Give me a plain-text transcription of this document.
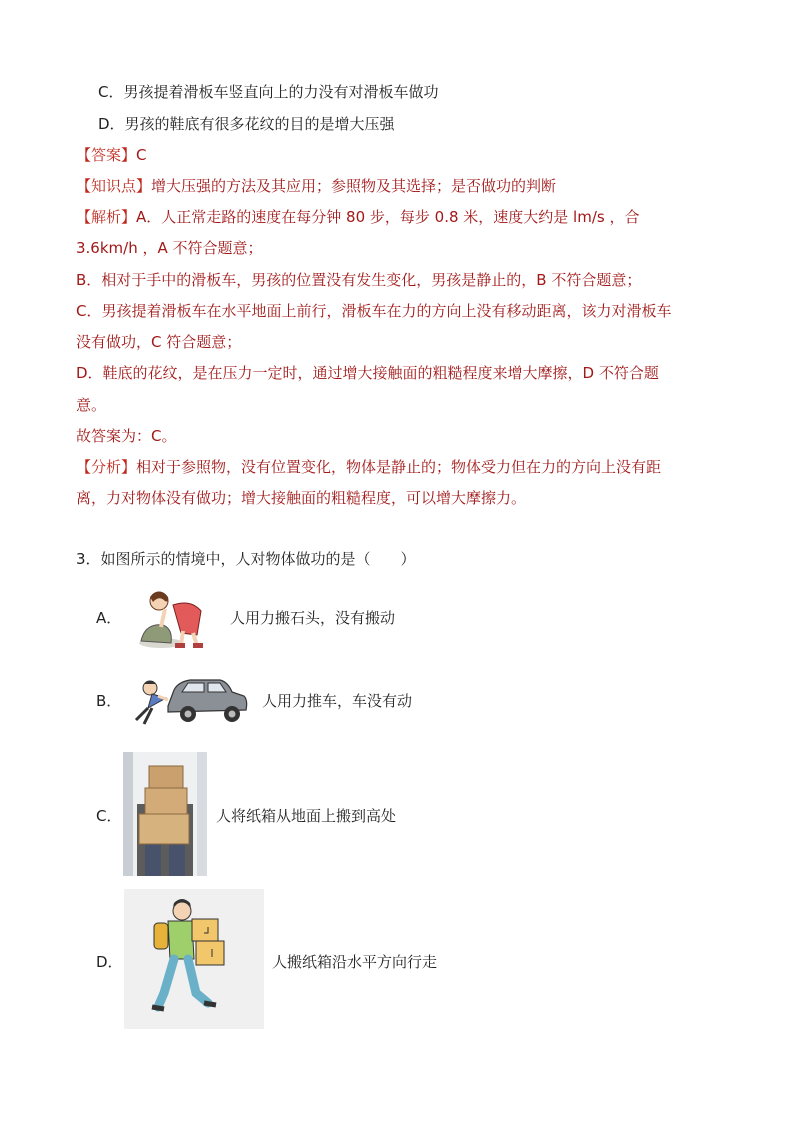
C．男孩提着滑板车竖直向上的力没有对滑板车做功
D．男孩的鞋底有很多花纹的目的是增大压强
【答案】C
【知识点】增大压强的方法及其应用；参照物及其选择；是否做功的判断
【解析】A．人正常走路的速度在每分钟 80 步，每步 0.8 米，速度大约是 lm/s ，合
3.6km/h ，A 不符合题意；
B．相对于手中的滑板车，男孩的位置没有发生变化，男孩是静止的，B 不符合题意；
C．男孩提着滑板车在水平地面上前行，滑板车在力的方向上没有移动距离，该力对滑板车
没有做功，C 符合题意；
D．鞋底的花纹，是在压力一定时，通过增大接触面的粗糙程度来增大摩擦，D 不符合题
意。
故答案为：C。
【分析】相对于参照物，没有位置变化，物体是静止的；物体受力但在力的方向上没有距
离，力对物体没有做功；增大接触面的粗糙程度，可以增大摩擦力。
3．如图所示的情境中，人对物体做功的是（　　）
A．	人用力搬石头，没有搬动
B．	人用力推车，车没有动
C．	人将纸箱从地面上搬到高处
D．	人搬纸箱沿水平方向行走
